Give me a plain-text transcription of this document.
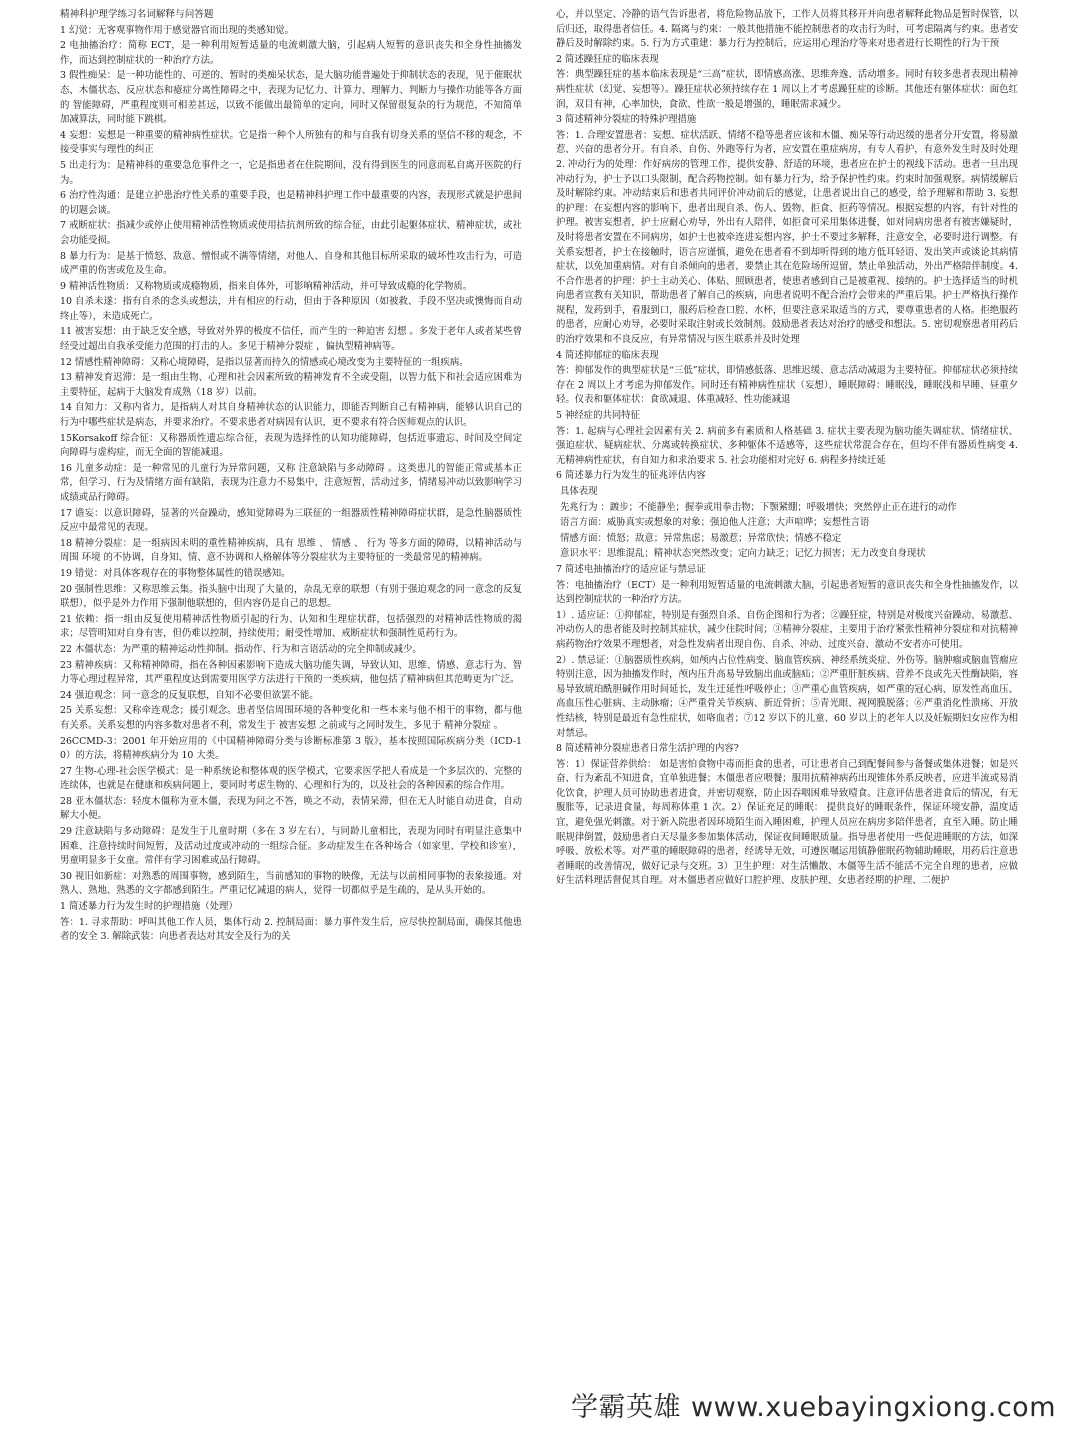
精神科护理学练习名词解释与问答题

1 幻觉：无客观事物作用于感觉器官而出现的类感知觉。

2 电抽搐治疗：简称 ECT，是一种利用短暂适量的电流刺激大脑，引起病人短暂的意识丧失和全身性抽搐发作，而达到控制症状的一种治疗方法。

3 假性痴呆：是一种功能性的、可逆的、暂时的类痴呆状态，是大脑功能普遍处于抑制状态的表现，见于催眠状态、木僵状态、反应状态和癔症分离性障碍之中，表现为记忆力、计算力、理解力、判断力与操作功能等各方面的 智能障碍，严重程度则可相差甚远，以致不能做出最简单的定向，同时又保留很复杂的行为规范，不知简单加减算法，同时能下跳棋。

4 妄想：妄想是一种重要的精神病性症状。它是指一种个人所独有的和与自我有切身关系的坚信不移的观念，不接受事实与理性的纠正

5 出走行为：是精神科的重要急危事件之一，它是指患者在住院期间，没有得到医生的同意而私自离开医院的行为。

6 治疗性沟通：是建立护患治疗性关系的重要手段，也是精神科护理工作中最重要的内容，表现形式就是护患间的切题会谈。

7 戒断症状：指减少或停止使用精神活性物质或使用拮抗剂所致的综合征，由此引起躯体症状、精神症状，或社会功能受损。

8 暴力行为：是基于愤怒、敌意、憎恨或不满等情绪，对他人、自身和其他目标所采取的破坏性攻击行为，可造成严重的伤害或危及生命。

9 精神活性物质：又称物质或成瘾物质，指来自体外，可影响精神活动，并可导致成瘾的化学物质。

10 自杀未遂：指有自杀的念头或想法，并有相应的行动，但由于各种原因（如被救、手段不坚决或懊悔而自动终止等），未造成死亡。

11 被害妄想：由于缺乏安全感，导致对外界的极度不信任，而产生的一种迫害 幻想 。多发于老年人或者某些曾经受过超出自我承受能力范围的打击的人。多见于精神分裂症 ，偏执型精神病等。

12 情感性精神障碍：又称心境障碍，是指以显著而持久的情感或心境改变为主要特征的一组疾病。

13 精神发育迟滞：是一组由生物、心理和社会因素所致的精神发育不全或受阻，以智力低下和社会适应困难为主要特征，起病于大脑发育成熟（18 岁）以前。

14 自知力：又称内省力，是指病人对其自身精神状态的认识能力，即能否判断自己有精神病，能够认识自己的行为中哪些症状是病态，并要求治疗。不要求患者对病因有认识，更不要求有符合医师观点的认识。

15Korsakoff 综合征：又称器质性遗忘综合征，表现为选择性的认知功能障碍，包括近事遗忘、时间及空间定向障碍与虚构症，而无全面的智能减退。

16 儿童多动症：是一种常见的儿童行为异常问题，又称 注意缺陷与多动障碍 。这类患儿的智能正常或基本正常，但学习、行为及情绪方面有缺陷，表现为注意力不易集中，注意短暂，活动过多，情绪易冲动以致影响学习成绩或品行障碍。

17 谵妄：以意识障碍，显著的兴奋躁动，感知觉障碍为三联征的一组器质性精神障碍症状群，是急性脑器质性反应中最常见的表现。

18 精神分裂症：是一组病因未明的重性精神疾病，具有 思维 、 情感 、 行为 等多方面的障碍，以精神活动与周围 环境 的不协调，自身知、情、意不协调和人格解体等分裂症状为主要特征的一类最常见的精神病。

19 错觉：对具体客观存在的事物整体属性的错误感知。

20 强制性思维：又称思维云集。指头脑中出现了大量的，杂乱无章的联想（有别于强迫观念的同一意念的反复联想），似乎是外力作用下强制他联想的，但内容仍是自己的思想。

21 依赖：指一组由反复使用精神活性物质引起的行为、认知和生理症状群，包括强烈的对精神活性物质的渴求；尽管明知对自身有害，但仍难以控制，持续使用；耐受性增加、戒断症状和强制性觅药行为。

22 木僵状态：为严重的精神运动性抑制。指动作、行为和言语活动的完全抑制或减少。

23 精神疾病：又称精神障碍，指在各种因素影响下造成大脑功能失调，导致认知、思维、情感、意志行为、智力等心理过程异常，其严重程度达到需要用医学方法进行干预的一类疾病，他包括了精神病但其范畴更为广泛。

24 强迫观念：同一意念的反复联想，自知不必要但欲罢不能。

25 关系妄想：又称牵连观念；援引观念。患者坚信周围环境的各种变化和一些本来与他不相干的事物，都与他有关系。关系妄想的内容多数对患者不利，常发生于 被害妄想 之前或与之同时发生，多见于 精神分裂症 。

26CCMD-3：2001 年开始应用的《中国精神障碍分类与诊断标准第 3 版》，基本按照国际疾病分类（ICD-10）的方法，将精神疾病分为 10 大类。

27 生物-心理-社会医学模式：是一种系统论和整体观的医学模式，它要求医学把人看成是一个多层次的、完整的连续体，也就是在健康和疾病问题上，要同时考虑生物的、心理和行为的，以及社会的各种因素的综合作用。

28 亚木僵状态：轻度木僵称为亚木僵，表现为问之不答，唤之不动，表情呆滞，但在无人时能自动进食，自动解大小便。

29 注意缺陷与多动障碍：是发生于儿童时期（多在 3 岁左右），与同龄儿童相比，表现为同时有明显注意集中困难、注意持续时间短暂，及活动过度或冲动的一组综合征。多动症发生在各种场合（如家里、学校和诊室），男童明显多于女童。常伴有学习困难或品行障碍。

30 视旧如新症：对熟悉的周围事物，感到陌生，当前感知的事物的映像，无法与以前相同事物的表象接通。对熟人、熟地、熟悉的文字都感到陌生。严重记忆减退的病人，觉得一切都似乎是生疏的，是从头开始的。

1 简述暴力行为发生时的护理措施（处理）

答：1. 寻求帮助：呼叫其他工作人员，集体行动 2. 控制局面：暴力事件发生后，应尽快控制局面，确保其他患者的安全 3. 解除武装：向患者表达对其安全及行为的关

心，并以坚定、冷静的语气告诉患者，将危险物品放下，工作人员将其移开并向患者解释此物品是暂时保管，以后归还，取得患者信任。4. 隔离与约束：一般其他措施不能控制患者的攻击行为时，可考虑隔离与约束。患者安静后及时解除约束。5. 行为方式重建：暴力行为控制后，应运用心理治疗等来对患者进行长期性的行为干预

2 简述躁狂症的临床表现

答：典型躁狂症的基本临床表现是“三高”症状，即情感高涨、思维奔逸、活动增多。同时有较多患者表现出精神病性症状（幻觉、妄想等）。躁狂症状必须持续存在 1 周以上才考虑躁狂症的诊断。其他还有躯体症状：面色红润，双目有神，心率加快，食欲、性欲一般是增强的，睡眠需求减少。

3 简述精神分裂症的特殊护理措施

答：1. 合理安置患者：妄想、症状活跃、情绪不稳等患者应该和木僵、痴呆等行动迟缓的患者分开安置，将易激惹、兴奋的患者分开。有自杀、自伤、外跑等行为者，应安置在重症病房，有专人看护，有意外发生时及时处理 2. 冲动行为的处理：作好病房的管理工作，提供安静、舒适的环境，患者应在护士的视线下活动。患者一旦出现冲动行为，护士予以口头限制，配合药物控制。如有暴力行为，给予保护性约束。约束时加强观察。病情缓解后及时解除约束。冲动结束后和患者共同评价冲动前后的感觉，让患者说出自己的感受，给予理解和帮助 3. 妄想的护理：在妄想内容的影响下，患者出现自杀、伤人、毁物、拒食、拒药等情况。根据妄想的内容，有针对性的护理。被害妄想者，护士应耐心劝导，外出有人陪伴，如拒食可采用集体进餐，如对同病房患者有被害嫌疑时，及时将患者安置在不同病房，如护士也被牵连进妄想内容，护士不要过多解释，注意安全，必要时进行调整。有关系妄想者，护士在接触时，语言应谨慎，避免在患者看不到却听得到的地方低耳轻语、发出笑声或谈论其病情症状，以免加重病情。对有自杀倾向的患者，要禁止其在危险场所逗留，禁止单独活动，外出严格陪伴制度。4. 不合作患者的护理：护士主动关心、体贴、照顾患者，使患者感到自己是被重视、接纳的。护士选择适当的时机向患者宣教有关知识，帮助患者了解自己的疾病，向患者说明不配合治疗会带来的严重后果。护士严格执行操作规程，发药到手，看服到口，服药后检查口腔、水杯，但要注意采取适当的方式，要尊重患者的人格。拒绝服药的患者，应耐心劝导，必要时采取注射或长效制剂。鼓励患者表达对治疗的感受和想法。5. 密切观察患者用药后的治疗效果和不良反应，有异常情况与医生联系并及时处理

4 简述抑郁症的临床表现

答：抑郁发作的典型症状是“三低”症状，即情感低落、思维迟缓、意志活动减退为主要特征。抑郁症状必须持续存在 2 周以上才考虑为抑郁发作。同时还有精神病性症状（妄想），睡眠障碍：睡眠浅，睡眠浅和早睡、昼重夕轻。仪表和躯体症状：食欲减退、体重减轻、性功能减退

5 神经症的共同特征

答：1. 起病与心理社会因素有关 2. 病前多有素质和人格基础 3. 症状主要表现为脑功能失调症状、情绪症状、强迫症状、疑病症状、分离或转换症状、多种躯体不适感等，这些症状常混合存在，但均不伴有器质性病变 4. 无精神病性症状，有自知力和求治要求 5. 社会功能相对完好 6. 病程多持续迁延

6 简述暴力行为发生的征兆评估内容

具体表现

先兆行为 ：踱步；不能静坐；握拳或用拳击物；下颚紧绷；呼吸增快；突然停止正在进行的动作

语言方面：威胁真实或想象的对象；强迫他人注意；大声喧哗；妄想性言语

情感方面：愤怒；敌意；异常焦虑；易激惹；异常欣快；情感不稳定

意识水平：思维混乱；精神状态突然改变；定向力缺乏；记忆力损害；无力改变自身现状

7 简述电抽搐治疗的适应证与禁忌证

答：电抽搐治疗（ECT）是一种利用短暂适量的电流刺激大脑，引起患者短暂的意识丧失和全身性抽搐发作，以达到控制症状的一种治疗方法。

1）. 适应证：①抑郁症，特别是有强烈自杀、自伤企图和行为者；②躁狂症，特别是对极度兴奋躁动、易激惹、冲动伤人的患者能及时控制其症状，减少住院时间；③精神分裂症，主要用于治疗紧张性精神分裂症和对抗精神病药物治疗效果不理想者，对急性发病者出现自伤、自杀、冲动、过度兴奋、激动不安者亦可使用。

2）. 禁忌证：①脑器质性疾病，如颅内占位性病变、脑血管疾病、神经系统炎症、外伤等。脑肿瘤或脑血管瘤应特别注意，因为抽搐发作时，颅内压升高易导致脑出血或脑疝；②严重肝脏疾病、营养不良或先天性酶缺陷，容易导致琥珀酰胆碱作用时间延长，发生迁延性呼吸停止；③严重心血管疾病，如严重的冠心病、原发性高血压、高血压性心脏病、主动脉瘤；④严重骨关节疾病、新近骨折；⑤青光眼、视网膜脱落；⑥严重消化性溃疡、开放性结核，特别是最近有急性症状，如咯血者；⑦12 岁以下的儿童、60 岁以上的老年人以及妊娠期妇女应作为相对禁忌。

8 简述精神分裂症患者日常生活护理的内容?

答：1）保证营养供给： 如是害怕食物中毒而拒食的患者，可让患者自己到配餐间参与备餐或集体进餐；如是兴奋、行为紊乱不知进食，宜单独进餐；木僵患者应喂餐；服用抗精神病药出现锥体外系反映者，应进半流或易消化饮食，护理人员可协助患者进食，并密切观察，防止因吞咽困难导致噎食。注意评估患者进食后的情况，有无腹胀等，记录进食量，每周称体重 1 次。2）保证充足的睡眠： 提供良好的睡眠条件，保证环境安静，温度适宜，避免强光刺激。对于新入院患者因环境陌生而入睡困难，护理人员应在病房多陪伴患者，直至入睡。防止睡眠规律倒置，鼓励患者白天尽量多参加集体活动，保证夜间睡眠质量。指导患者使用一些促进睡眠的方法，如深呼吸、放松术等。对严重的睡眠障碍的患者，经诱导无效，可遵医嘱运用镇静催眠药物辅助睡眠，用药后注意患者睡眠的改善情况，做好记录与交班。3）卫生护理：对生活懒散、木僵等生活不能活不完全自理的患者，应做好生活料理活督促其自理。对木僵患者应做好口腔护理、皮肤护理、女患者经期的护理、二便护

学霸英雄 www.xuebayingxiong.com
